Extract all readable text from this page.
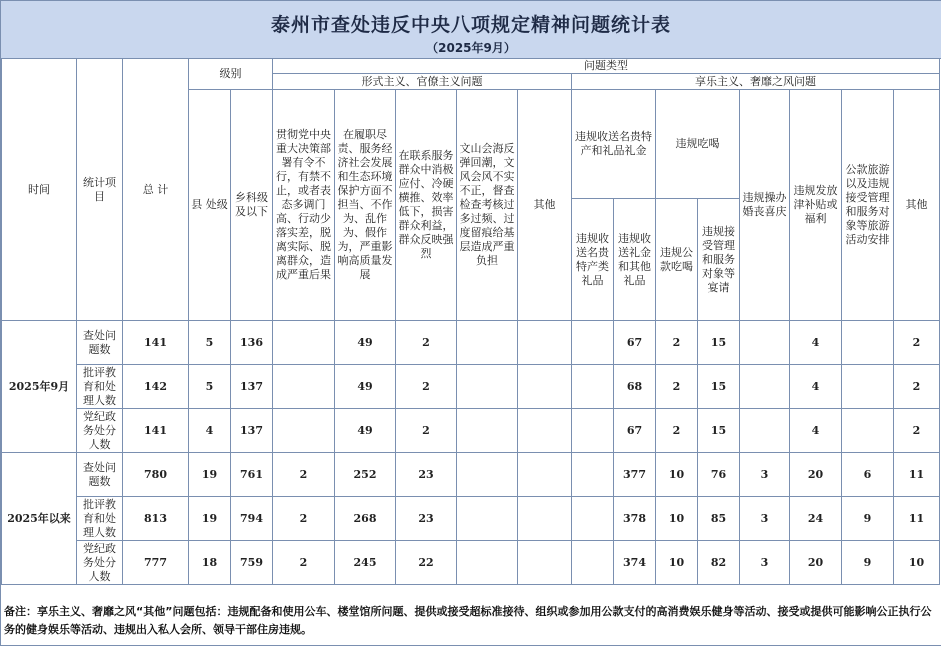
泰州市查处违反中央八项规定精神问题统计表
（2025年9月）
时间	统计项目	总 计	级别		问题类型												
					形式主义、官僚主义问题					享乐主义、奢靡之风问题							
			县 处级	乡科级及以下	贯彻党中央重大决策部署有令不行，有禁不止，或者表态多调门高、行动少落实差，脱离实际、脱离群众，造成严重后果	在履职尽责、服务经济社会发展和生态环境保护方面不担当、不作为、乱作为、假作为，严重影响高质量发展	在联系服务群众中消极应付、冷硬横推、效率低下，损害群众利益，群众反映强烈	文山会海反弹回潮，文风会风不实不正，督查检查考核过多过频、过度留痕给基层造成严重负担	其他	违规收送名贵特产和礼品礼金		违规吃喝		违规操办婚丧喜庆	违规发放津补贴或福利	公款旅游以及违规接受管理和服务对象等旅游活动安排	其他
										违规收送名贵特产类礼品	违规收送礼金和其他礼品	违规公款吃喝	违规接受管理和服务对象等宴请				
2025年9月	查处问题数	141	5	136		49	2				67	2	15		4		2
	批评教育和处理人数	142	5	137		49	2				68	2	15		4		2
	党纪政务处分人数	141	4	137		49	2				67	2	15		4		2
2025年以来	查处问题数	780	19	761	2	252	23				377	10	76	3	20	6	11
	批评教育和处理人数	813	19	794	2	268	23				378	10	85	3	24	9	11
	党纪政务处分人数	777	18	759	2	245	22				374	10	82	3	20	9	10
备注：享乐主义、奢靡之风“其他”问题包括：违规配备和使用公车、楼堂馆所问题、提供或接受超标准接待、组织或参加用公款支付的高消费娱乐健身等活动、接受或提供可能影响公正执行公务的健身娱乐等活动、违规出入私人会所、领导干部住房违规。
